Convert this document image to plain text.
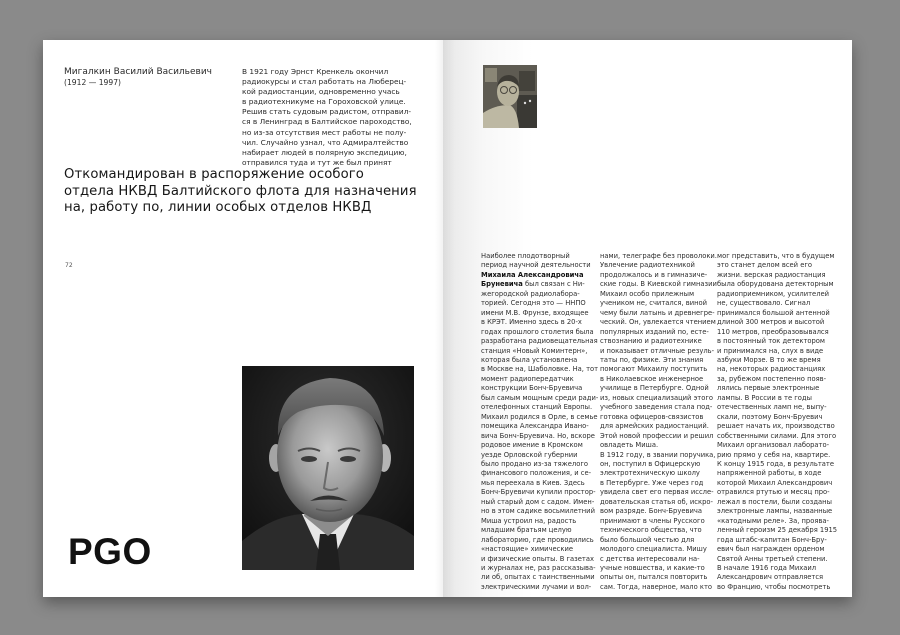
Мигалкин Василий Васильевич
(1912 — 1997)
В 1921 году Эрнст Кренкель окончил
радиокурсы и стал работать на Люберец-
кой радиостанции, одновременно учась
в радиотехникуме на Гороховской улице.
Решив стать судовым радистом, отправил-
ся в Ленинград в Балтийское пароходство,
но из-за отсутствия мест работы не полу-
чил. Случайно узнал, что Адмиралтейство
набирает людей в полярную экспедицию,
отправился туда и тут же был принят
Откомандирован в распоряжение особого
отдела НКВД Балтийского флота для назначения
на, работу по, линии особых отделов НКВД
72
PGO
Наиболее плодотворный
период научной деятельности
Михаила Александровича
Бруневича был связан с Ни-
жегородской радиолабора-
торией. Сегодня это — ННПО
имени М.В. Фрунзе, входящее
в КРЭТ. Именно здесь в 20-х
годах прошлого столетия была
разработана радиовещательная
станция «Новый Коминтерн»,
которая была установлена
в Москве на, Шаболовке. На, тот
момент радиопередатчик
конструкции Бонч-Бруевича
был самым мощным среди ради-
отелефонных станций Европы.
Михаил родился в Орле, в семье
помещика Александра Ивано-
вича Бонч-Бруевича. Но, вскоре
родовое имение в Кромском
уезде Орловской губернии
было продано из-за тяжелого
финансового положения, и се-
мья переехала в Киев. Здесь
Бонч-Бруевичи купили простор-
ный старый дом с садом. Имен-
но в этом садике восьмилетний
Миша устроил на, радость
младшим братьям целую
лабораторию, где проводились
«настоящие» химические
и физические опыты. В газетах
и журналах не, раз рассказыва-
ли об, опытах с таинственными
электрическими лучами и вол-
нами, телеграфе без проволоки.
Увлечение радиотехникой
продолжалось и в гимназиче-
ские годы. В Киевской гимназии
Михаил особо прилежным
учеником не, считался, виной
чему были латынь и древнегре-
ческий. Он, увлекается чтением
популярных изданий по, есте-
ствознанию и радиотехнике
и показывает отличные резуль-
таты по, физике. Эти знания
помогают Михаилу поступить
в Николаевское инженерное
училище в Петербурге. Одной
из, новых специализаций этого
учебного заведения стала под-
готовка офицеров-связистов
для армейских радиостанций.
Этой новой профессии и решил
овладеть Миша.
В 1912 году, в звании поручика,
он, поступил в Офицерскую
электротехническую школу
в Петербурге. Уже через год
увидела свет его первая иссле-
довательская статья об, искро-
вом разряде. Бонч-Бруевича
принимают в члены Русского
технического общества, что
было большой честью для
молодого специалиста. Мишу
с детства интересовали на-
учные новшества, и какие-то
опыты он, пытался повторить
сам. Тогда, наверное, мало кто
мог представить, что в будущем
это станет делом всей его
жизни. верская радиостанция
была оборудована детекторным
радиоприемником, усилителей
не, существовало. Сигнал
принимался большой антенной
длиной 300 метров и высотой
110 метров, преобразовывался
в постоянный ток детектором
и принимался на, слух в виде
азбуки Морзе. В то же время
на, некоторых радиостанциях
за, рубежом постепенно появ-
лялись первые электронные
лампы. В России в те годы
отечественных ламп не, выпу-
скали, поэтому Бонч-Бруевич
решает начать их, производство
собственными силами. Для этого
Михаил организовал лаборато-
рию прямо у себя на, квартире.
К концу 1915 года, в результате
напряженной работы, в ходе
которой Михаил Александрович
отравился ртутью и месяц про-
лежал в постели, были созданы
электронные лампы, названные
«катодными реле». За, проява-
ленный героизм 25 декабря 1915
года штабс-капитан Бонч-Бру-
евич был награжден орденом
Святой Анны третьей степени.
В начале 1916 года Михаил
Александрович отправляется
во Францию, чтобы посмотреть
